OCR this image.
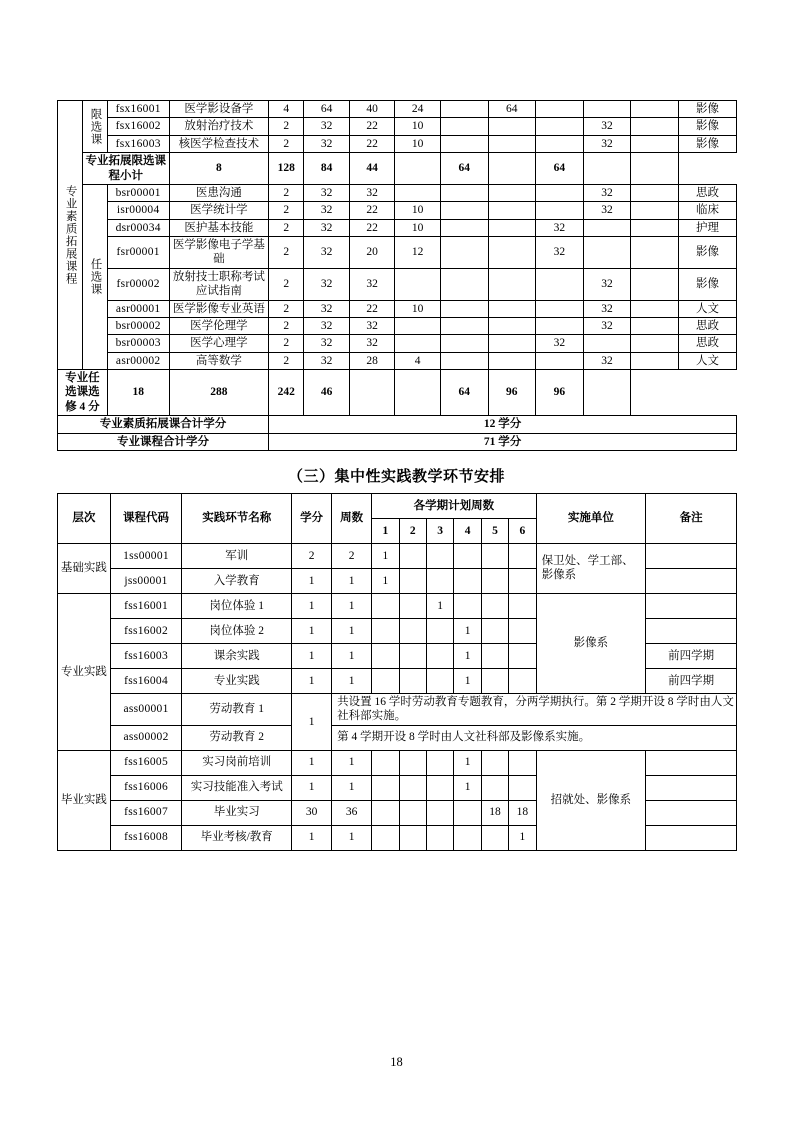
专业素质拓展课程	限选课	fsx16001	医学影设备学	4	64	40	24		64				影像
		fsx16002	放射治疗技术	2	32	22	10				32		影像
		fsx16003	核医学检查技术	2	32	22	10				32		影像
	专业拓展限选课程小计		8	128	84	44		64		64			

	任选课	bsr00001	医患沟通	2	32	32					32		思政
		isr00004	医学统计学	2	32	22	10				32		临床
		dsr00034	医护基本技能	2	32	22	10			32			护理
		fsr00001	医学影像电子学基础	2	32	20	12			32			影像
		fsr00002	放射技士职称考试应试指南	2	32	32					32		影像
		asr00001	医学影像专业英语	2	32	22	10				32		人文
		bsr00002	医学伦理学	2	32	32					32		思政
		bsr00003	医学心理学	2	32	32				32			思政
		asr00002	高等数学	2	32	28	4				32		人文
专业任选课选修 4 分		18	288	242	46			64	96	96			
专业素质拓展课合计学分				12 学分									
专业课程合计学分				71 学分									
（三）集中性实践教学环节安排
层次	课程代码	实践环节名称	学分	周数	各学期计划周数						实施单位	备注
					1	2	3	4	5	6		
基础实践	1ss00001	军训	2	2	1						保卫处、学工部、影像系	
	jss00001	入学教育	1	1	1							
专业实践	fss16001	岗位体验 1	1	1			1				影像系	
	fss16002	岗位体验 2	1	1				1				
	fss16003	课余实践	1	1				1				前四学期
	fss16004	专业实践	1	1				1				前四学期
	ass00001	劳动教育 1	1	共设置 16 学时劳动教育专题教育，分两学期执行。第 2 学期开设 8 学时由人文社科部实施。								
	ass00002	劳动教育 2		第 4 学期开设 8 学时由人文社科部及影像系实施。								
毕业实践	fss16005	实习岗前培训	1	1				1			招就处、影像系	
	fss16006	实习技能准入考试	1	1				1				
	fss16007	毕业实习	30	36					18	18		
	fss16008	毕业考核/教育	1	1						1		
18
